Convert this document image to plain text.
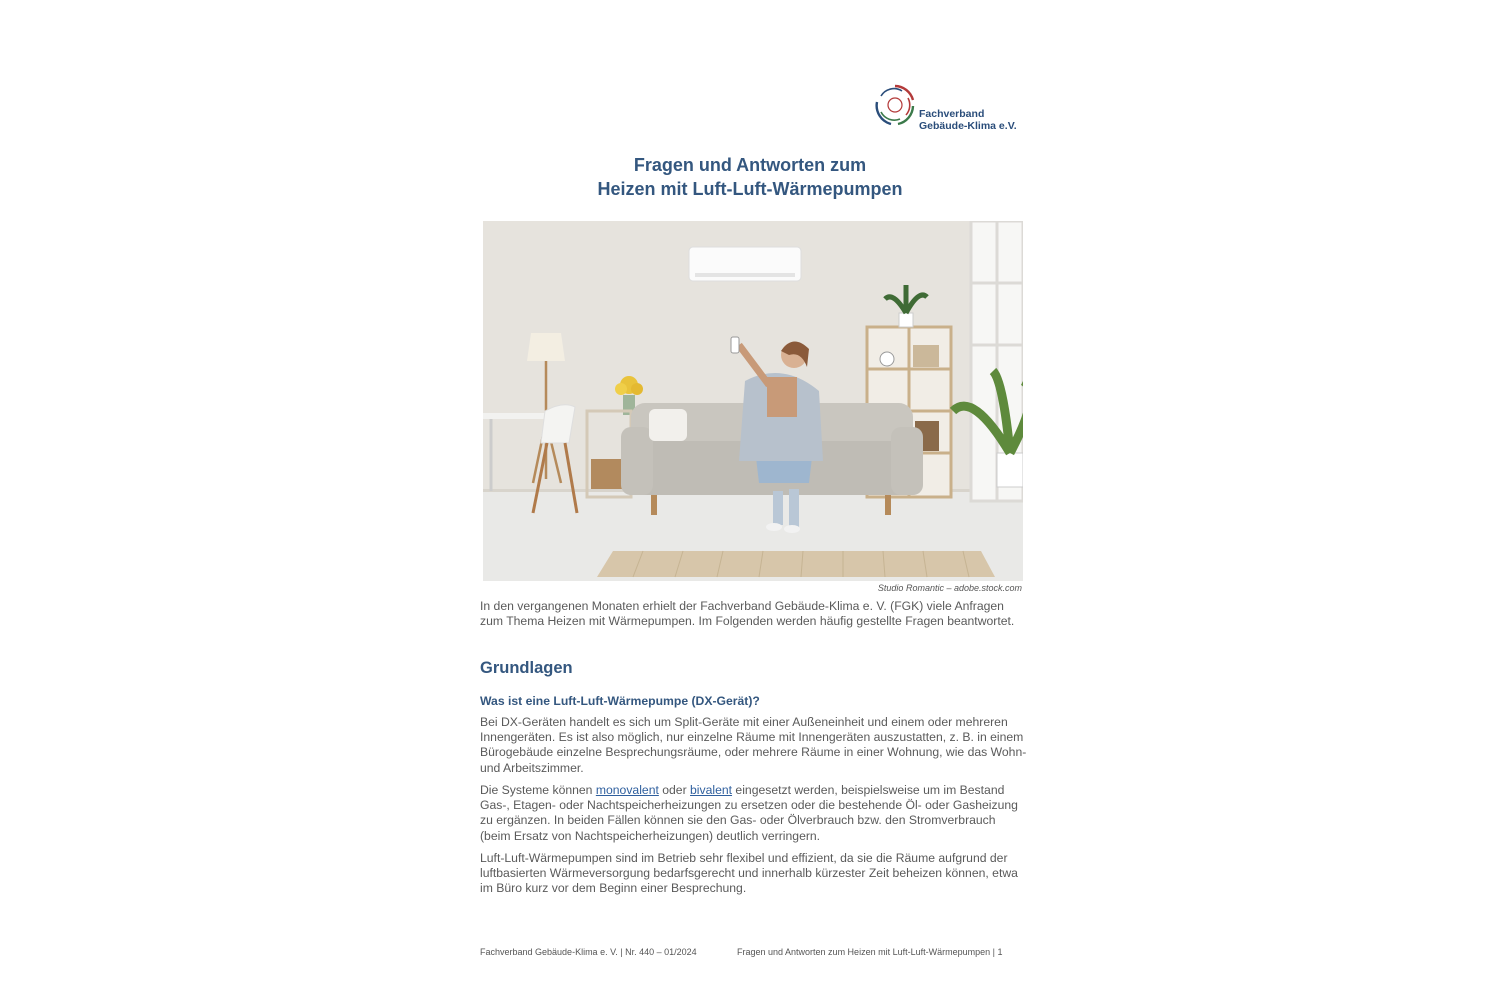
Fachverband
Gebäude-Klima e.V.
Fragen und Antworten zum
Heizen mit Luft-Luft-Wärmepumpen
Studio Romantic – adobe.stock.com
In den vergangenen Monaten erhielt der Fachverband Gebäude-Klima e. V. (FGK) viele Anfragen zum Thema Heizen mit Wärmepumpen. Im Folgenden werden häufig gestellte Fragen beantwortet.
Grundlagen
Was ist eine Luft-Luft-Wärmepumpe (DX-Gerät)?
Bei DX-Geräten handelt es sich um Split-Geräte mit einer Außeneinheit und einem oder mehreren Innengeräten. Es ist also möglich, nur einzelne Räume mit Innengeräten auszustatten, z. B. in einem Bürogebäude einzelne Besprechungsräume, oder mehrere Räume in einer Wohnung, wie das Wohn- und Arbeitszimmer.
Die Systeme können monovalent oder bivalent eingesetzt werden, beispielsweise um im Bestand Gas-, Etagen- oder Nachtspeicherheizungen zu ersetzen oder die bestehende Öl- oder Gasheizung zu ergänzen. In beiden Fällen können sie den Gas- oder Ölverbrauch bzw. den Stromverbrauch (beim Ersatz von Nachtspeicherheizungen) deutlich verringern.
Luft-Luft-Wärmepumpen sind im Betrieb sehr flexibel und effizient, da sie die Räume aufgrund der luftbasierten Wärmeversorgung bedarfsgerecht und innerhalb kürzester Zeit beheizen können, etwa im Büro kurz vor dem Beginn einer Besprechung.
Fachverband Gebäude-Klima e. V. | Nr. 440 – 01/2024	Fragen und Antworten zum Heizen mit Luft-Luft-Wärmepumpen | 1
